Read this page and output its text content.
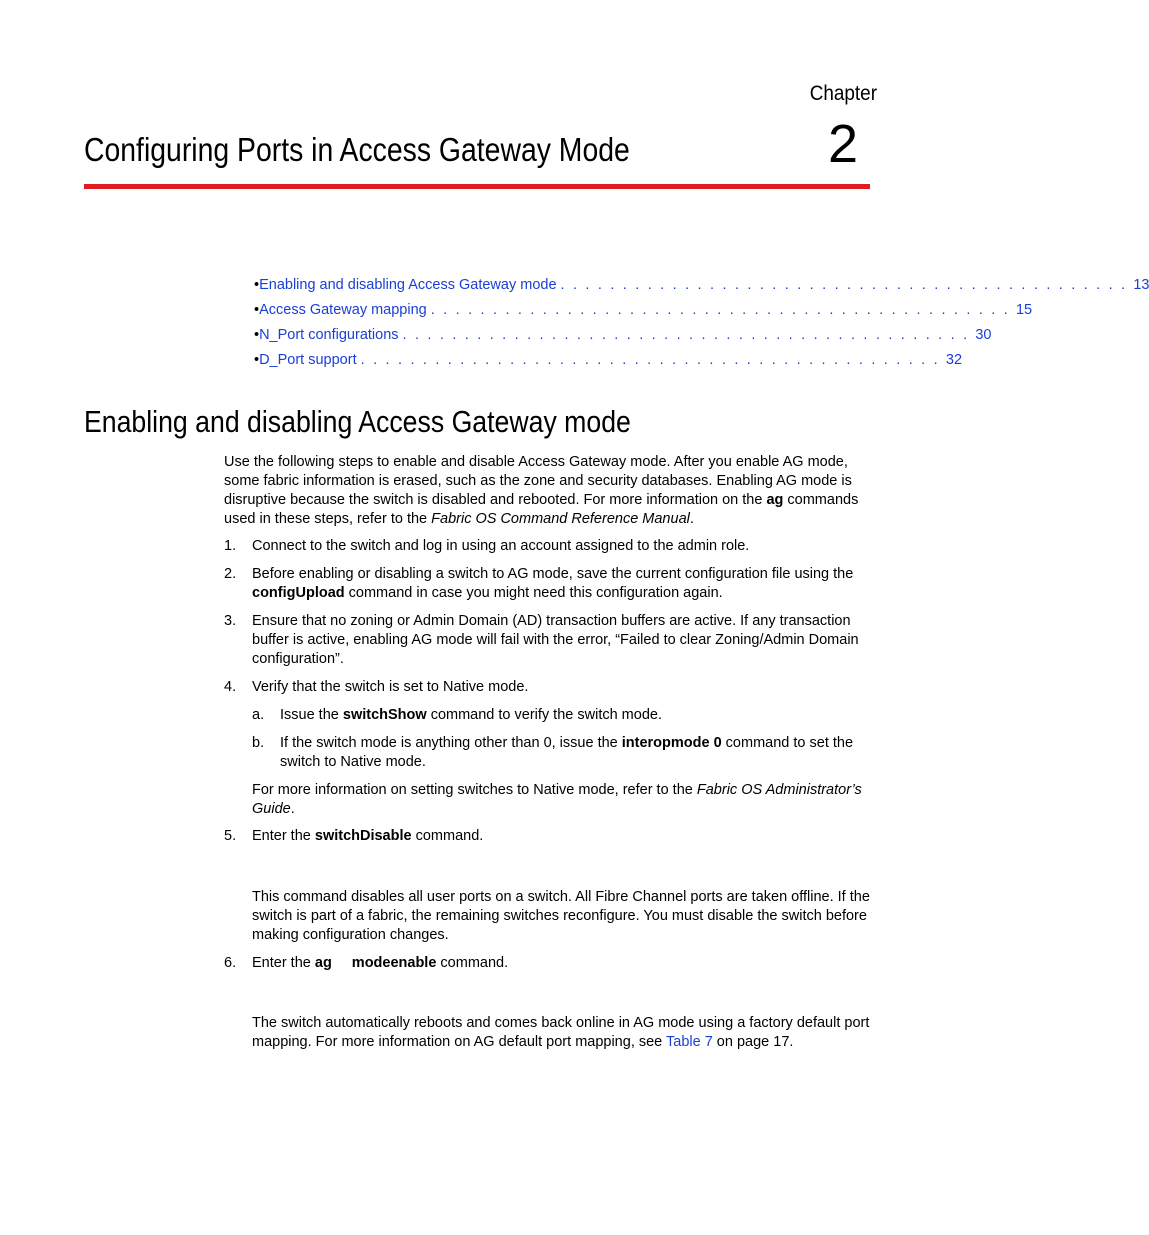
Chapter
2
Configuring Ports in Access Gateway Mode
• Enabling and disabling Access Gateway mode . . . . . . . . . . . . . . . . . . . . . . . . . . . . . . . . . . . . . . . . . . . . . . 13
• Access Gateway mapping . . . . . . . . . . . . . . . . . . . . . . . . . . . . . . . . . . . . . . . . . . . . . . . 15
• N_Port configurations . . . . . . . . . . . . . . . . . . . . . . . . . . . . . . . . . . . . . . . . . . . . . . 30
• D_Port support . . . . . . . . . . . . . . . . . . . . . . . . . . . . . . . . . . . . . . . . . . . . . . . 32
Enabling and disabling Access Gateway mode
Use the following steps to enable and disable Access Gateway mode. After you enable AG mode, some fabric information is erased, such as the zone and security databases. Enabling AG mode is disruptive because the switch is disabled and rebooted. For more information on the ag commands used in these steps, refer to the Fabric OS Command Reference Manual.
1.	Connect to the switch and log in using an account assigned to the admin role.
2.	Before enabling or disabling a switch to AG mode, save the current configuration file using the configUpload command in case you might need this configuration again.
3.	Ensure that no zoning or Admin Domain (AD) transaction buffers are active. If any transaction buffer is active, enabling AG mode will fail with the error, “Failed to clear Zoning/Admin Domain configuration”.
4.	Verify that the switch is set to Native mode.
a.	Issue the switchShow command to verify the switch mode.
b.	If the switch mode is anything other than 0, issue the interopmode 0 command to set the switch to Native mode.
For more information on setting switches to Native mode, refer to the Fabric OS Administrator’s Guide.
5.	Enter the switchDisable command.
This command disables all user ports on a switch. All Fibre Channel ports are taken offline. If the switch is part of a fabric, the remaining switches reconfigure. You must disable the switch before making configuration changes.
6.	Enter the ag modeenable command.
The switch automatically reboots and comes back online in AG mode using a factory default port mapping. For more information on AG default port mapping, see Table 7 on page 17.
